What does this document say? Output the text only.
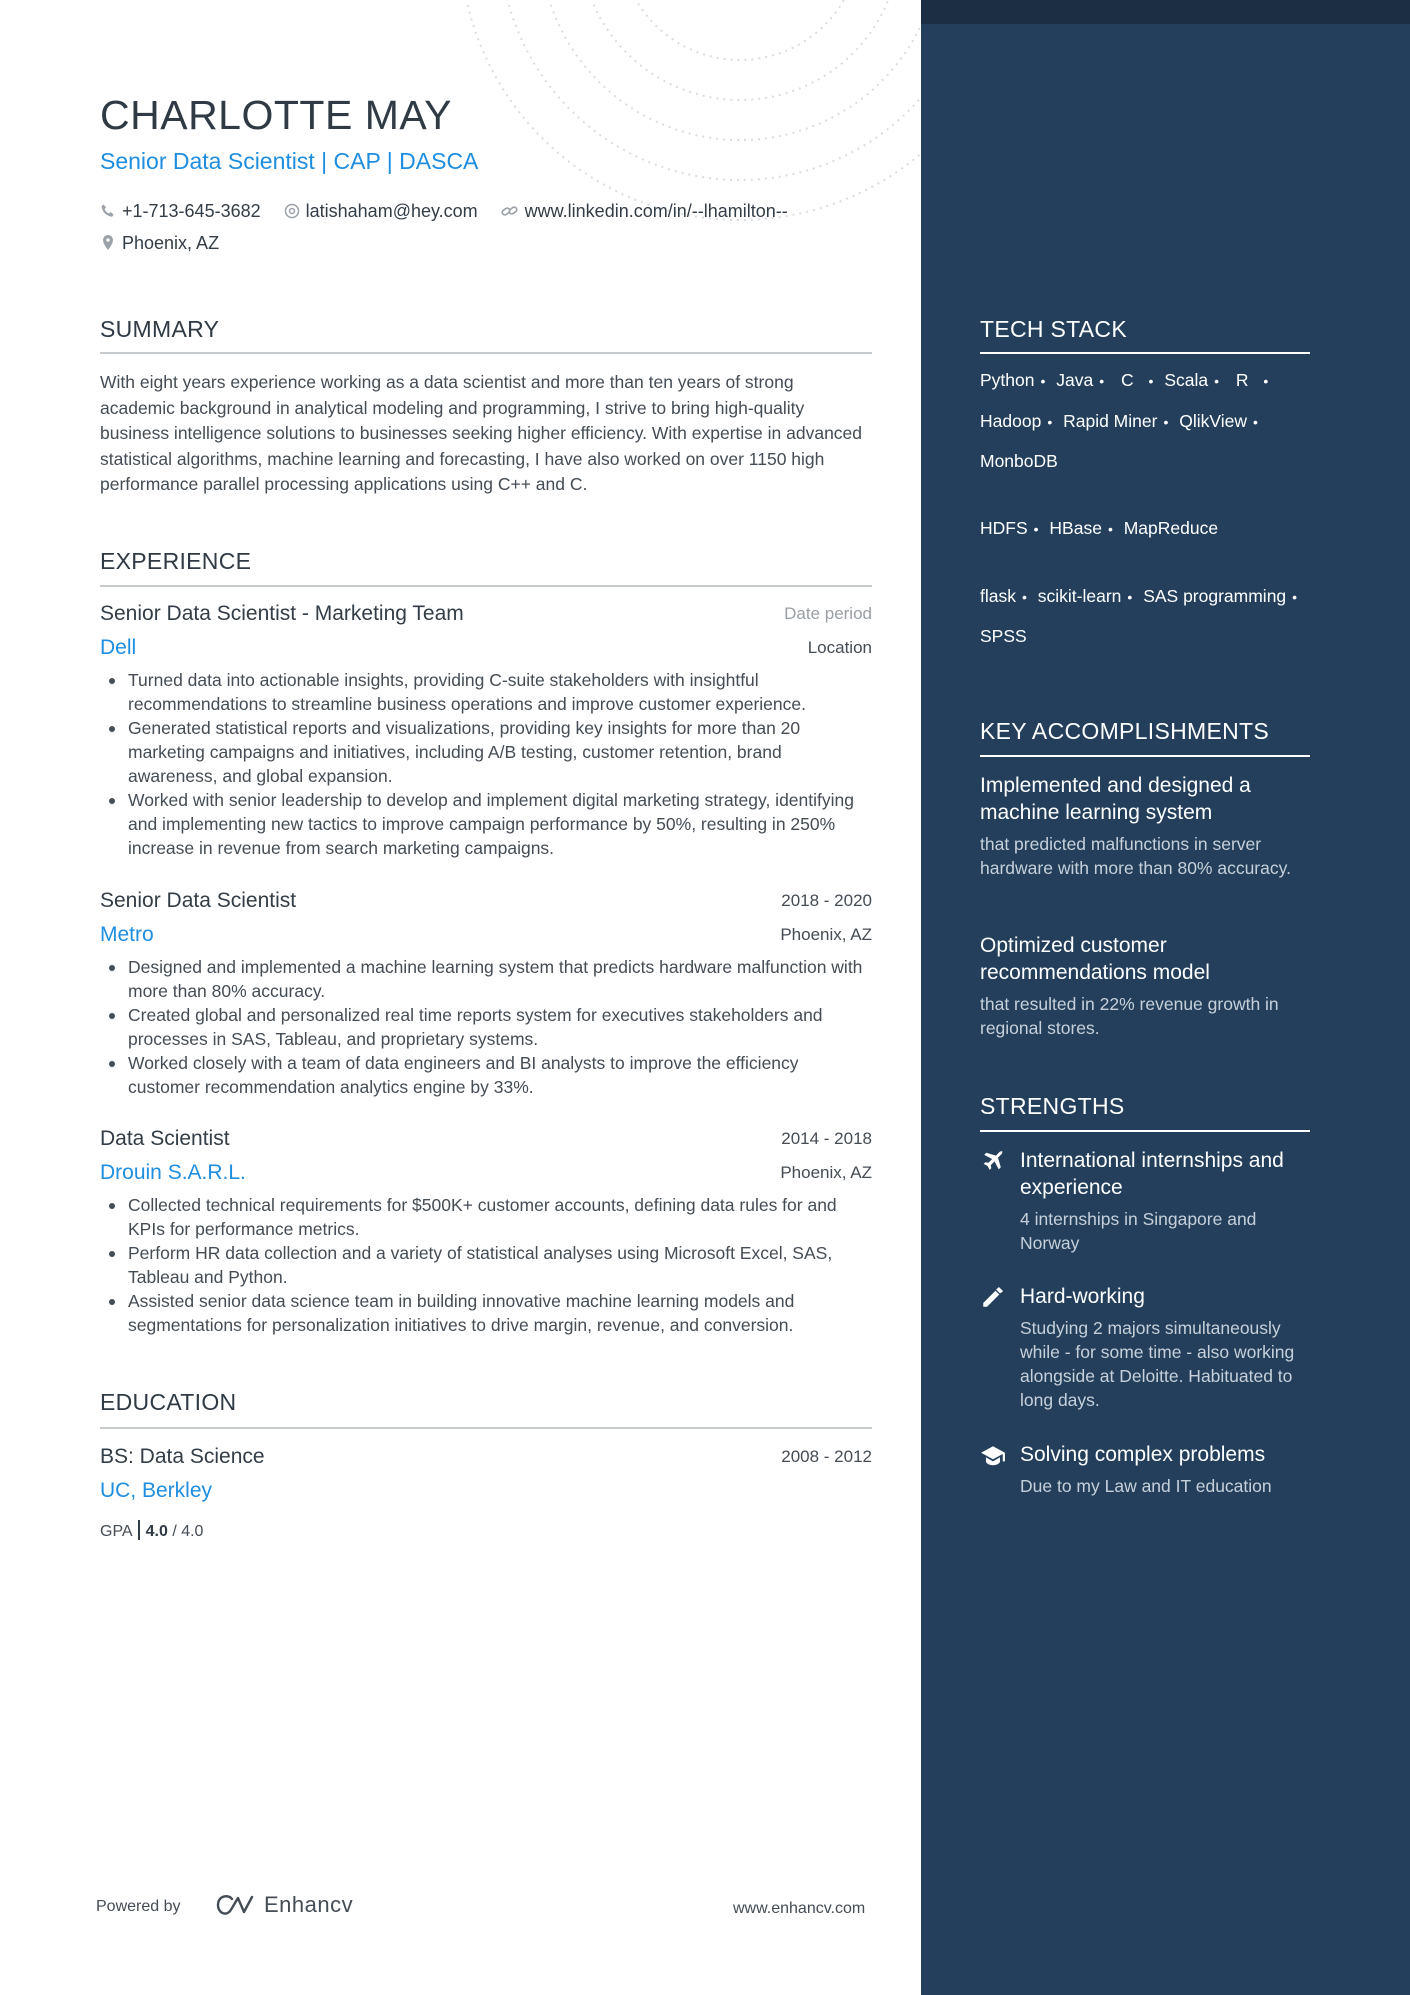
CHARLOTTE MAY
Senior Data Scientist | CAP | DASCA
+1-713-645-3682
	latishaham@hey.com
	www.linkedin.com/in/--lhamilton--

Phoenix, AZ
SUMMARY

With eight years experience working as a data scientist and more than ten years of strong academic background in analytical modeling and programming, I strive to bring high-quality business intelligence solutions to businesses seeking higher efficiency. With expertise in advanced statistical algorithms, machine learning and forecasting, I have also worked on over 1150 high performance parallel processing applications using C++ and C.

EXPERIENCE
Senior Data Scientist - Marketing Team	Date period
Dell	Location
Turned data into actionable insights, providing C-suite stakeholders with insightful recommendations to streamline business operations and improve customer experience.
Generated statistical reports and visualizations, providing key insights for more than 20 marketing campaigns and initiatives, including A/B testing, customer retention, brand awareness, and global expansion.
Worked with senior leadership to develop and implement digital marketing strategy, identifying and implementing new tactics to improve campaign performance by 50%, resulting in 250% increase in revenue from search marketing campaigns.
Senior Data Scientist	2018 - 2020
Metro	Phoenix, AZ
Designed and implemented a machine learning system that predicts hardware malfunction with more than 80% accuracy.
Created global and personalized real time reports system for executives stakeholders and processes in SAS, Tableau, and proprietary systems.
Worked closely with a team of data engineers and BI analysts to improve the efficiency customer recommendation analytics engine by 33%.
Data Scientist	2014 - 2018
Drouin S.A.R.L.	Phoenix, AZ
Collected technical requirements for $500K+ customer accounts, defining data rules for and KPIs for performance metrics.
Perform HR data collection and a variety of statistical analyses using Microsoft Excel, SAS, Tableau and Python.
Assisted senior data science team in building innovative machine learning models and segmentations for personalization initiatives to drive margin, revenue, and conversion.
EDUCATION
BS: Data Science	2008 - 2012
UC, Berkley
GPA 4.0 / 4.0
Powered by	Enhancv	www.enhancv.com
TECH STACK
Python • Java • C • Scala • R •
Hadoop • Rapid Miner • QlikView •
MonboDB
HDFS • HBase • MapReduce
flask • scikit-learn • SAS programming •
SPSS
KEY ACCOMPLISHMENTS
Implemented and designed a machine learning system
that predicted malfunctions in server hardware with more than 80% accuracy.
Optimized customer recommendations model
that resulted in 22% revenue growth in regional stores.
STRENGTHS
International internships and experience
4 internships in Singapore and Norway
Hard-working
Studying 2 majors simultaneously while - for some time - also working alongside at Deloitte. Habituated to long days.
Solving complex problems
Due to my Law and IT education
